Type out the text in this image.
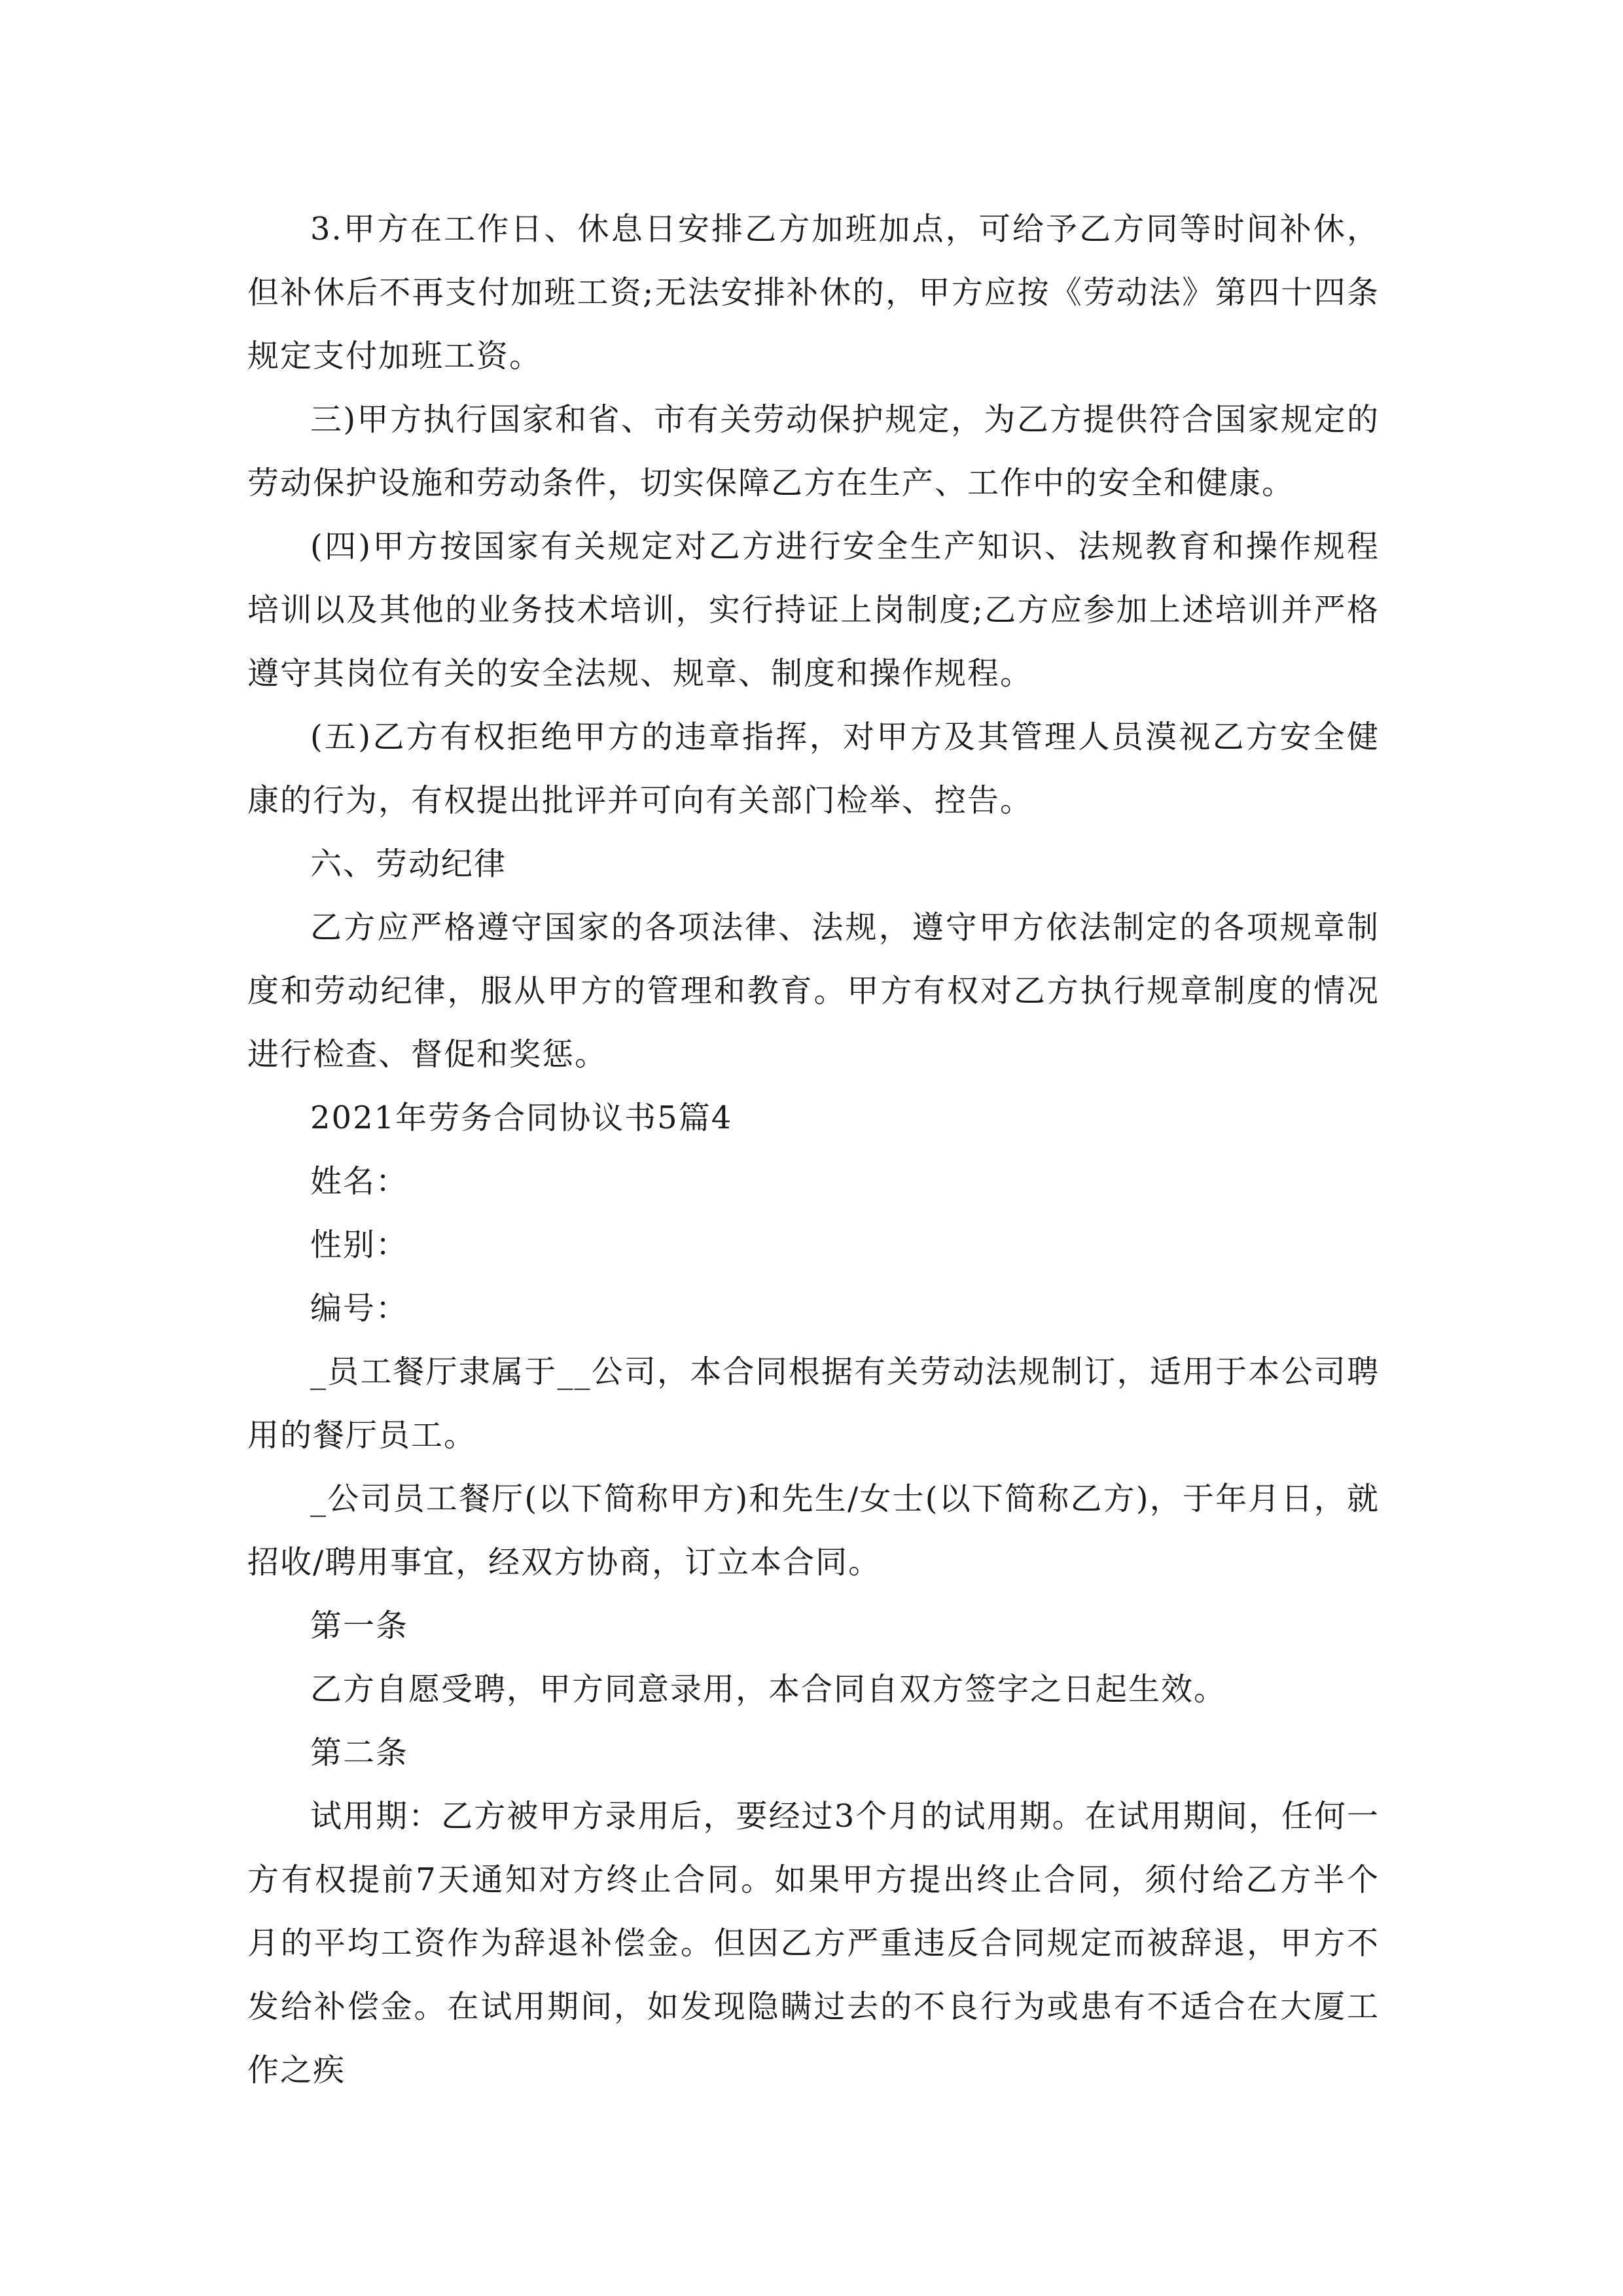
3.甲方在工作日、休息日安排乙方加班加点，可给予乙方同等时间补休，但补休后不再支付加班工资;无法安排补休的，甲方应按《劳动法》第四十四条规定支付加班工资。

三)甲方执行国家和省、市有关劳动保护规定，为乙方提供符合国家规定的劳动保护设施和劳动条件，切实保障乙方在生产、工作中的安全和健康。

(四)甲方按国家有关规定对乙方进行安全生产知识、法规教育和操作规程培训以及其他的业务技术培训，实行持证上岗制度;乙方应参加上述培训并严格遵守其岗位有关的安全法规、规章、制度和操作规程。

(五)乙方有权拒绝甲方的违章指挥，对甲方及其管理人员漠视乙方安全健康的行为，有权提出批评并可向有关部门检举、控告。

六、劳动纪律

乙方应严格遵守国家的各项法律、法规，遵守甲方依法制定的各项规章制度和劳动纪律，服从甲方的管理和教育。甲方有权对乙方执行规章制度的情况进行检查、督促和奖惩。

2021年劳务合同协议书5篇4

姓名：

性别：

编号：

_员工餐厅隶属于__公司，本合同根据有关劳动法规制订，适用于本公司聘用的餐厅员工。

_公司员工餐厅(以下简称甲方)和先生/女士(以下简称乙方)，于年月日，就招收/聘用事宜，经双方协商，订立本合同。

第一条

乙方自愿受聘，甲方同意录用，本合同自双方签字之日起生效。

第二条

试用期：乙方被甲方录用后，要经过3个月的试用期。在试用期间，任何一方有权提前7天通知对方终止合同。如果甲方提出终止合同，须付给乙方半个月的平均工资作为辞退补偿金。但因乙方严重违反合同规定而被辞退，甲方不发给补偿金。在试用期间，如发现隐瞒过去的不良行为或患有不适合在大厦工作之疾
